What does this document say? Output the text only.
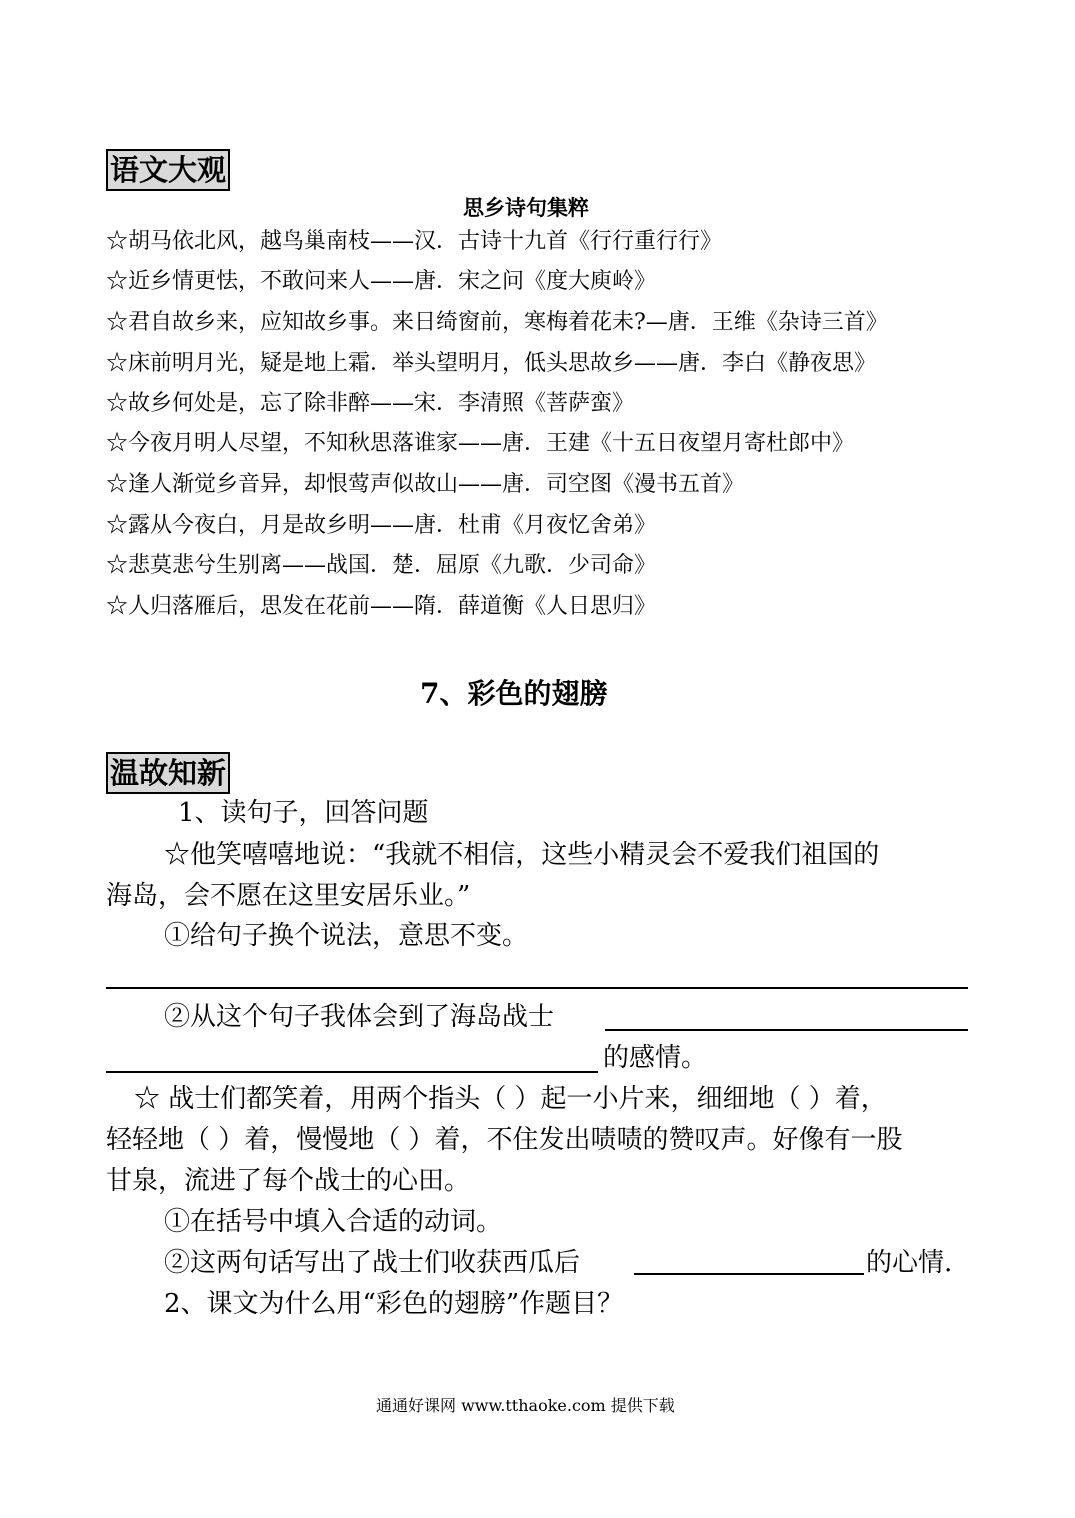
语文大观
思乡诗句集粹
☆胡马依北风，越鸟巢南枝——汉．古诗十九首《行行重行行》
☆近乡情更怯，不敢问来人——唐．宋之问《度大庾岭》
☆君自故乡来，应知故乡事。来日绮窗前，寒梅着花未?—唐．王维《杂诗三首》
☆床前明月光，疑是地上霜．举头望明月，低头思故乡——唐．李白《静夜思》
☆故乡何处是，忘了除非醉——宋．李清照《菩萨蛮》
☆今夜月明人尽望，不知秋思落谁家——唐．王建《十五日夜望月寄杜郎中》
☆逢人渐觉乡音异，却恨莺声似故山——唐．司空图《漫书五首》
☆露从今夜白，月是故乡明——唐．杜甫《月夜忆舍弟》
☆悲莫悲兮生别离——战国．楚．屈原《九歌．少司命》
☆人归落雁后，思发在花前——隋．薛道衡《人日思归》
7、彩色的翅膀
温故知新
1、读句子，回答问题
☆他笑嘻嘻地说：“我就不相信，这些小精灵会不爱我们祖国的
海岛，会不愿在这里安居乐业。”
①给句子换个说法，意思不变。
②从这个句子我体会到了海岛战士
的感情。
☆ 战士们都笑着，用两个指头（ ）起一小片来，细细地（ ）着，
轻轻地（ ）着，慢慢地（ ）着，不住发出啧啧的赞叹声。好像有一股
甘泉，流进了每个战士的心田。
①在括号中填入合适的动词。
②这两句话写出了战士们收获西瓜后	的心情.
2、课文为什么用“彩色的翅膀”作题目？
通通好课网 www.tthaoke.com 提供下载
